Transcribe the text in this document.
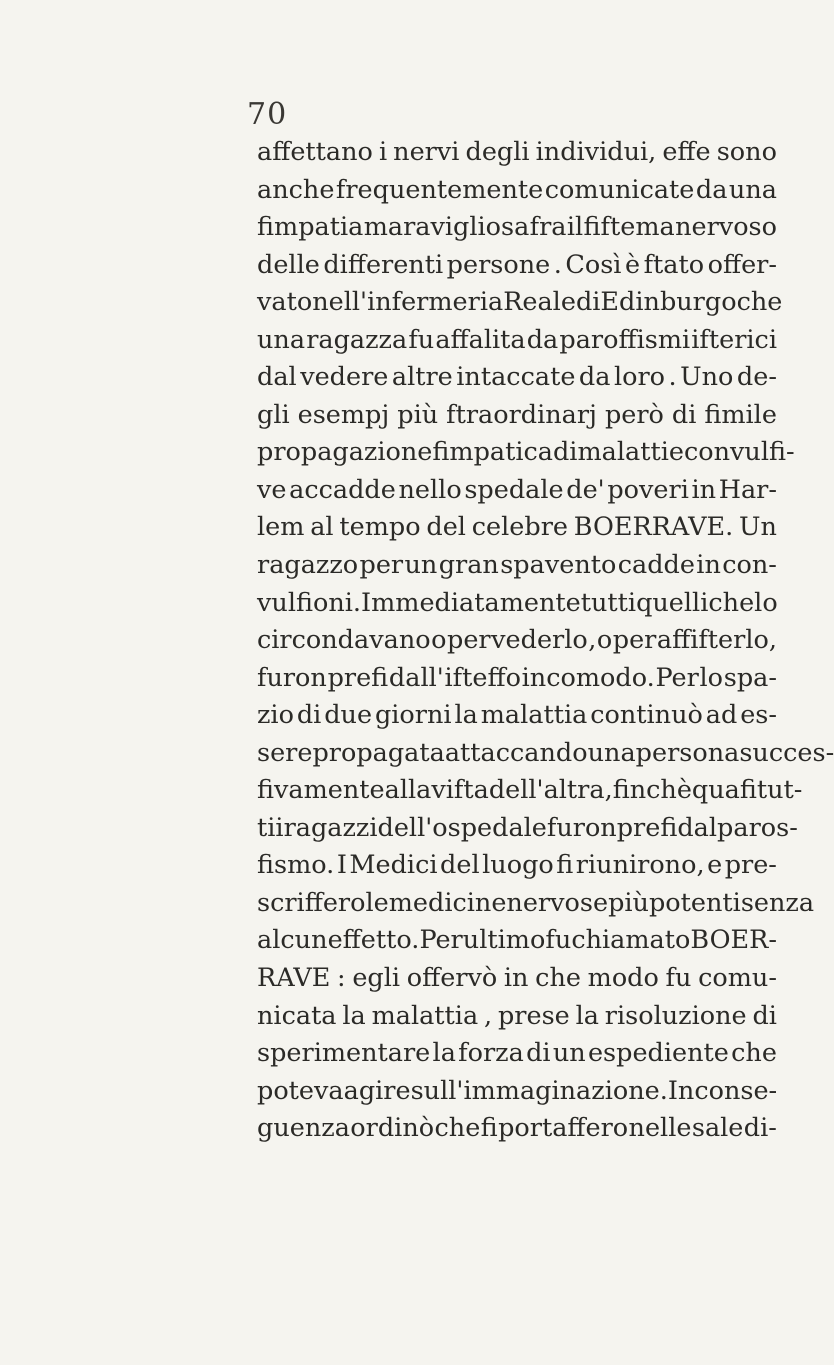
70
affettano i nervi degli individui, effe sono
anche frequentemente comunicate da una
fimpatia maravigliosa fra il fiftema nervoso
delle differenti persone . Così è ftato offer-
vato nell' infermeria Reale di Edinburgo che
una ragazza fu affalita da paroffismi ifterici
dal vedere altre intaccate da loro . Uno de-
gli esempj più ftraordinarj però di fimile
propagazione fimpatica di malattie convulfi-
ve accadde nello spedale de' poveri in Har-
lem al tempo del celebre BOERRAVE. Un
ragazzo per un gran spavento cadde in con-
vulfioni. Immediatamente tutti quelli che lo
circondavano o per vederlo , o per affifterlo,
furon prefi dall' ifteffo incomodo. Per lo spa-
zio di due giorni la malattia continuò ad es-
sere propagata attaccando una persona succes-
fivamente alla vifta dell' altra, finchè quafi tut-
ti i ragazzi dell' ospedale furon prefi dal paros-
fismo. I Medici del luogo fi riunirono, e pre-
scriffero le medicine nervose più potenti senza
alcun effetto. Per ultimo fu chiamato BOER-
RAVE : egli offervò in che modo fu comu-
nicata la malattia , prese la risoluzione di
sperimentare la forza di un espediente che
poteva agire sull' immaginazione . In conse-
guenza ordinò che fi portaffero nelle sale di-
